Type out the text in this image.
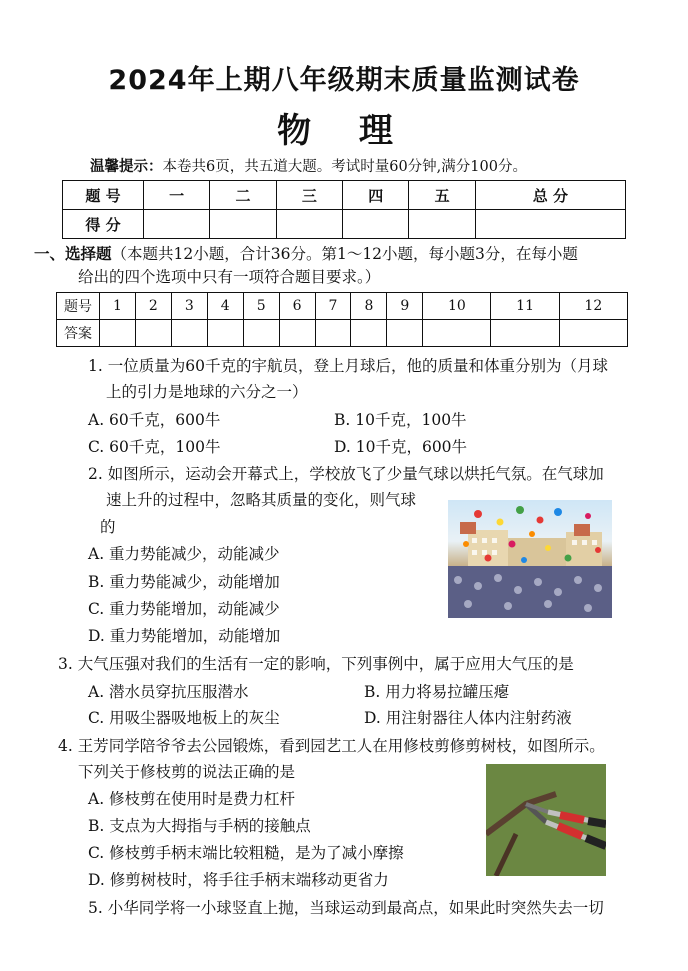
2024年上期八年级期末质量监测试卷
物 理
温馨提示：本卷共6页，共五道大题。考试时量60分钟,满分100分。
题 号	一	二	三	四	五	总 分
得 分						
一、选择题（本题共12小题，合计36分。第1～12小题，每小题3分，在每小题
给出的四个选项中只有一项符合题目要求。）
题号	1	2	3	4	5	6	7	8	9	10	11	12
答案												
1. 一位质量为60千克的宇航员，登上月球后，他的质量和体重分别为（月球
上的引力是地球的六分之一）
A. 60千克，600牛	B. 10千克，100牛
C. 60千克，100牛	D. 10千克，600牛
2. 如图所示，运动会开幕式上，学校放飞了少量气球以烘托气氛。在气球加
速上升的过程中，忽略其质量的变化，则气球
的
A. 重力势能减少，动能减少
B. 重力势能减少，动能增加
C. 重力势能增加，动能减少
D. 重力势能增加，动能增加
3. 大气压强对我们的生活有一定的影响，下列事例中，属于应用大气压的是
A. 潜水员穿抗压服潜水	B. 用力将易拉罐压瘪
C. 用吸尘器吸地板上的灰尘	D. 用注射器往人体内注射药液
4. 王芳同学陪爷爷去公园锻炼，看到园艺工人在用修枝剪修剪树枝，如图所示。
下列关于修枝剪的说法正确的是
A. 修枝剪在使用时是费力杠杆
B. 支点为大拇指与手柄的接触点
C. 修枝剪手柄末端比较粗糙，是为了减小摩擦
D. 修剪树枝时，将手往手柄末端移动更省力
5. 小华同学将一小球竖直上抛，当球运动到最高点，如果此时突然失去一切
